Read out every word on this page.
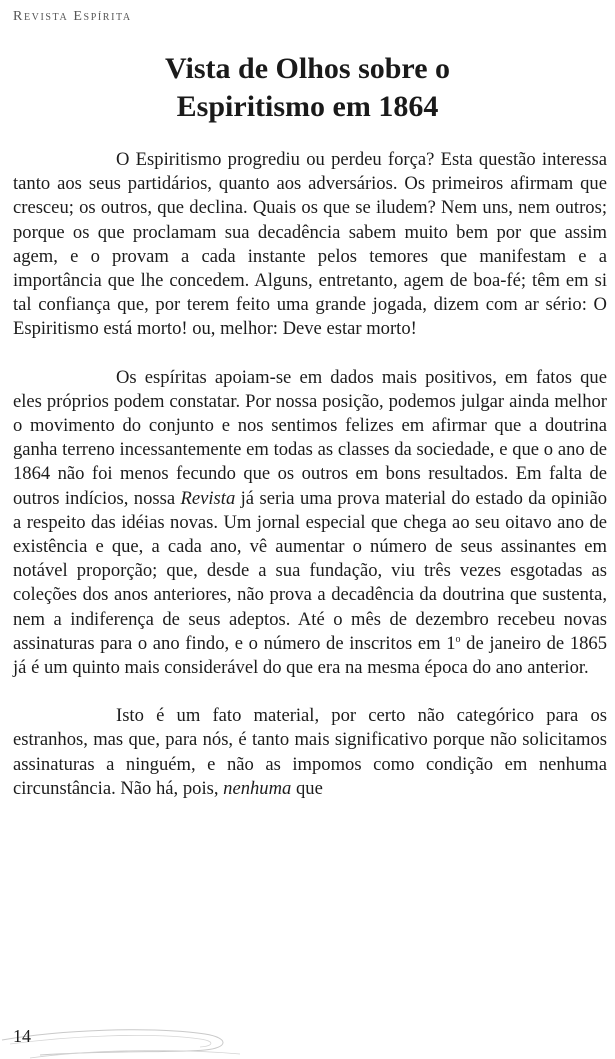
Revista Espírita
Vista de Olhos sobre o
Espiritismo em 1864

O Espiritismo progrediu ou perdeu força? Esta questão interessa tanto aos seus partidários, quanto aos adversários. Os primeiros afirmam que cresceu; os outros, que declina. Quais os que se iludem? Nem uns, nem outros; porque os que proclamam sua decadência sabem muito bem por que assim agem, e o provam a cada instante pelos temores que manifestam e a importância que lhe concedem. Alguns, entretanto, agem de boa-fé; têm em si tal confiança que, por terem feito uma grande jogada, dizem com ar sério: O Espiritismo está morto! ou, melhor: Deve estar morto!

Os espíritas apoiam-se em dados mais positivos, em fatos que eles próprios podem constatar. Por nossa posição, podemos julgar ainda melhor o movimento do conjunto e nos sentimos felizes em afirmar que a doutrina ganha terreno incessantemente em todas as classes da sociedade, e que o ano de 1864 não foi menos fecundo que os outros em bons resultados. Em falta de outros indícios, nossa Revista já seria uma prova material do estado da opinião a respeito das idéias novas. Um jornal especial que chega ao seu oitavo ano de existência e que, a cada ano, vê aumentar o número de seus assinantes em notável proporção; que, desde a sua fundação, viu três vezes esgotadas as coleções dos anos anteriores, não prova a decadência da doutrina que sustenta, nem a indiferença de seus adeptos. Até o mês de dezembro recebeu novas assinaturas para o ano findo, e o número de inscritos em 1$^o$ de janeiro de 1865 já é um quinto mais considerável do que era na mesma época do ano anterior.

Isto é um fato material, por certo não categórico para os estranhos, mas que, para nós, é tanto mais significativo porque não solicitamos assinaturas a ninguém, e não as impomos como condição em nenhuma circunstância. Não há, pois, nenhuma que

14
